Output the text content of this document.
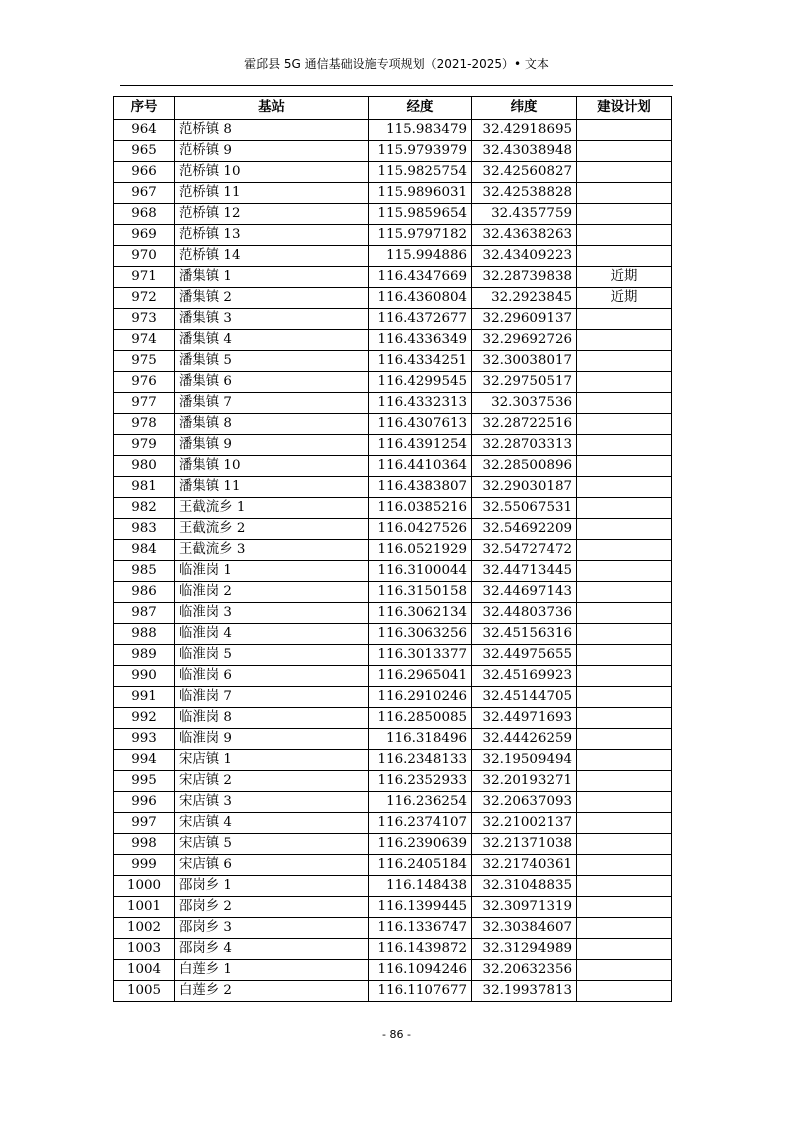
霍邱县 5G 通信基础设施专项规划（2021-2025）• 文本
序号	基站	经度	纬度	建设计划
964	范桥镇 8	115.983479	32.42918695	
965	范桥镇 9	115.9793979	32.43038948	
966	范桥镇 10	115.9825754	32.42560827	
967	范桥镇 11	115.9896031	32.42538828	
968	范桥镇 12	115.9859654	32.4357759	
969	范桥镇 13	115.9797182	32.43638263	
970	范桥镇 14	115.994886	32.43409223	
971	潘集镇 1	116.4347669	32.28739838	近期
972	潘集镇 2	116.4360804	32.2923845	近期
973	潘集镇 3	116.4372677	32.29609137	
974	潘集镇 4	116.4336349	32.29692726	
975	潘集镇 5	116.4334251	32.30038017	
976	潘集镇 6	116.4299545	32.29750517	
977	潘集镇 7	116.4332313	32.3037536	
978	潘集镇 8	116.4307613	32.28722516	
979	潘集镇 9	116.4391254	32.28703313	
980	潘集镇 10	116.4410364	32.28500896	
981	潘集镇 11	116.4383807	32.29030187	
982	王截流乡 1	116.0385216	32.55067531	
983	王截流乡 2	116.0427526	32.54692209	
984	王截流乡 3	116.0521929	32.54727472	
985	临淮岗 1	116.3100044	32.44713445	
986	临淮岗 2	116.3150158	32.44697143	
987	临淮岗 3	116.3062134	32.44803736	
988	临淮岗 4	116.3063256	32.45156316	
989	临淮岗 5	116.3013377	32.44975655	
990	临淮岗 6	116.2965041	32.45169923	
991	临淮岗 7	116.2910246	32.45144705	
992	临淮岗 8	116.2850085	32.44971693	
993	临淮岗 9	116.318496	32.44426259	
994	宋店镇 1	116.2348133	32.19509494	
995	宋店镇 2	116.2352933	32.20193271	
996	宋店镇 3	116.236254	32.20637093	
997	宋店镇 4	116.2374107	32.21002137	
998	宋店镇 5	116.2390639	32.21371038	
999	宋店镇 6	116.2405184	32.21740361	
1000	邵岗乡 1	116.148438	32.31048835	
1001	邵岗乡 2	116.1399445	32.30971319	
1002	邵岗乡 3	116.1336747	32.30384607	
1003	邵岗乡 4	116.1439872	32.31294989	
1004	白莲乡 1	116.1094246	32.20632356	
1005	白莲乡 2	116.1107677	32.19937813	
- 86 -
